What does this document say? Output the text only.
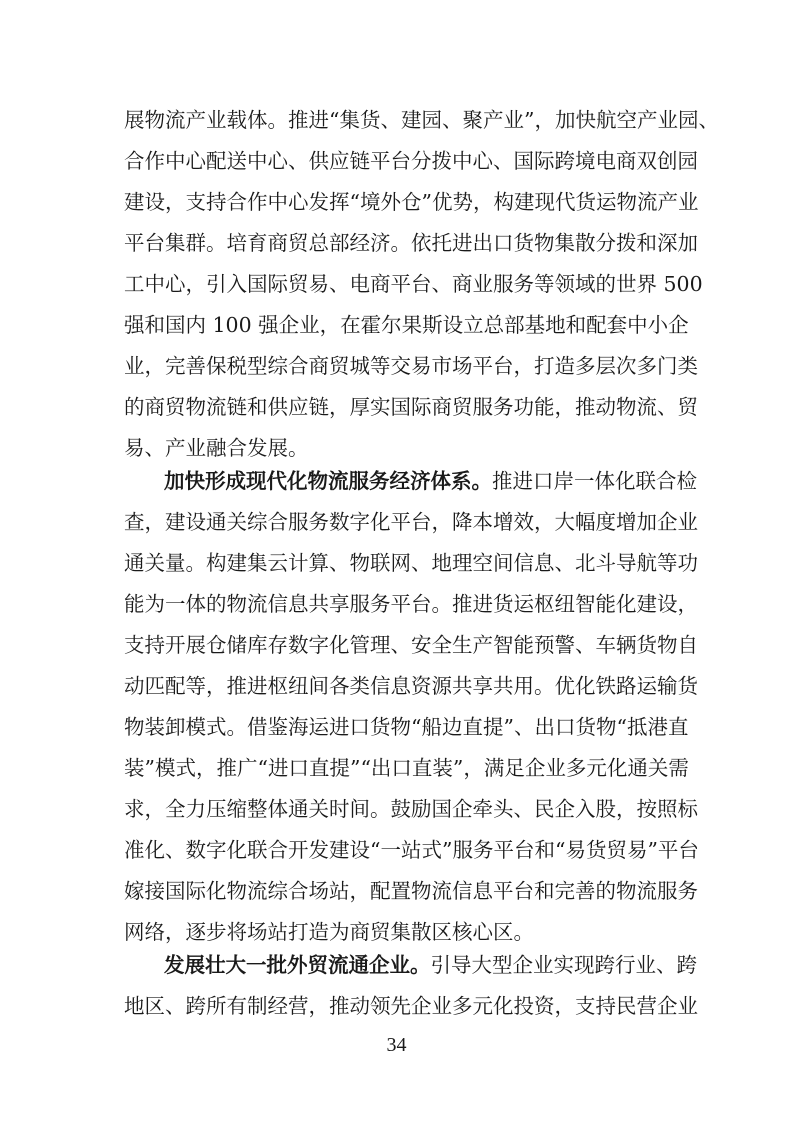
展物流产业载体。推进“集货、建园、聚产业”，加快航空产业园、
合作中心配送中心、供应链平台分拨中心、国际跨境电商双创园
建设，支持合作中心发挥“境外仓”优势，构建现代货运物流产业
平台集群。培育商贸总部经济。依托进出口货物集散分拨和深加
工中心，引入国际贸易、电商平台、商业服务等领域的世界 500
强和国内 100 强企业，在霍尔果斯设立总部基地和配套中小企
业，完善保税型综合商贸城等交易市场平台，打造多层次多门类
的商贸物流链和供应链，厚实国际商贸服务功能，推动物流、贸
易、产业融合发展。
加快形成现代化物流服务经济体系。推进口岸一体化联合检
查，建设通关综合服务数字化平台，降本增效，大幅度增加企业
通关量。构建集云计算、物联网、地理空间信息、北斗导航等功
能为一体的物流信息共享服务平台。推进货运枢纽智能化建设，
支持开展仓储库存数字化管理、安全生产智能预警、车辆货物自
动匹配等，推进枢纽间各类信息资源共享共用。优化铁路运输货
物装卸模式。借鉴海运进口货物“船边直提”、出口货物“抵港直
装”模式，推广“进口直提”“出口直装”，满足企业多元化通关需
求，全力压缩整体通关时间。鼓励国企牵头、民企入股，按照标
准化、数字化联合开发建设“一站式”服务平台和“易货贸易”平台
嫁接国际化物流综合场站，配置物流信息平台和完善的物流服务
网络，逐步将场站打造为商贸集散区核心区。
发展壮大一批外贸流通企业。引导大型企业实现跨行业、跨
地区、跨所有制经营，推动领先企业多元化投资，支持民营企业
34
